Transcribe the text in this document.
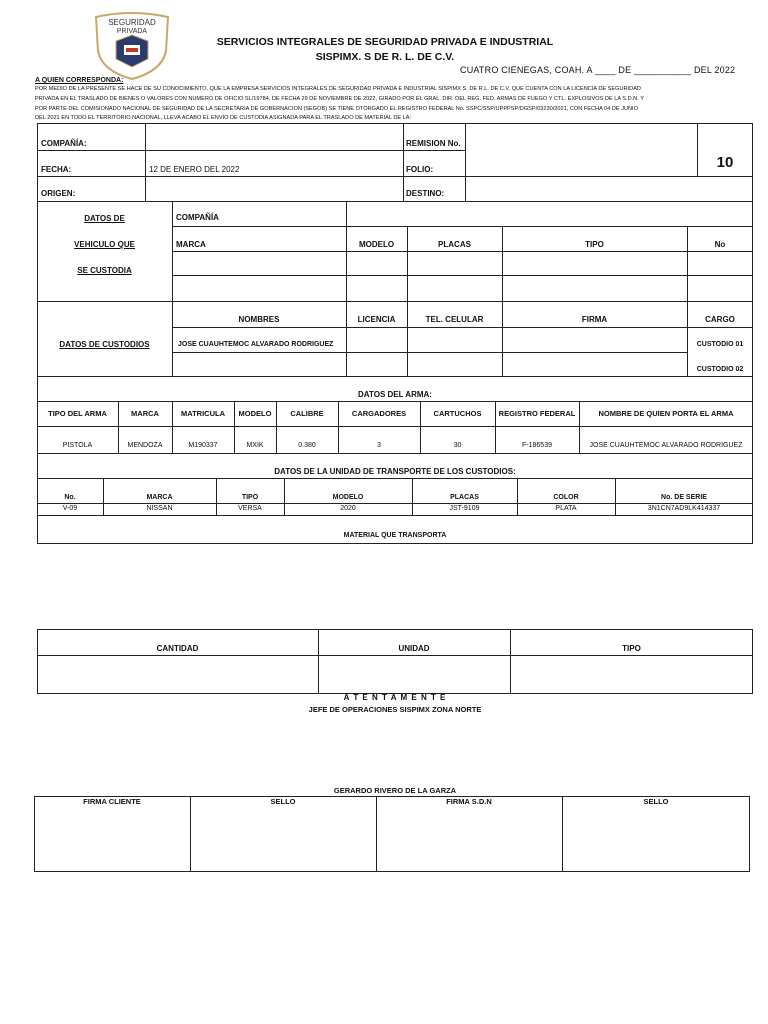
SEGURIDAD
PRIVADA
SERVICIOS INTEGRALES DE SEGURIDAD PRIVADA E INDUSTRIAL
SISPIMX. S DE R. L. DE C.V.
CUATRO CIENEGAS, COAH. A ____ DE ___________ DEL 2022
A QUIEN CORRESPONDA:
POR MEDIO DE LA PRESENTE SE HACE DE SU CONOCIMIENTO, QUE LA EMPRESA SERVICIOS INTEGRALES DE SEGURIDAD PRIVADA E INDUSTRIAL SISPIMX S. DE R.L. DE C.V. QUE CUENTA CON LA LICENCIA DE SEGURIDAD
PRIVADA EN EL TRASLADO DE BIENES O VALORES CON NUMERO DE OFICIO SL/19784, DE FECHA 29 DE NOVIEMBRE DE 2022, GIRADO POR EL GRAL. DIR. DEL REG. FED. ARMAS DE FUEGO Y CTL. EXPLOSIVOS DE LA S.D.N. Y
POR PARTE DEL COMISIONADO NACIONAL DE SEGURIDAD DE LA SECRETARIA DE GOBERNACION (SEGOB) SE TIENE OTORGADO EL REGISTRO FEDERAL No. SSPC/SSP/UPPPSP/DGSP/03230/2021, CON FECHA 04 DE JUNIO
DEL 2021 EN TODO EL TERRITORIO NACIONAL, LLEVA ACABO EL ENVIO DE CUSTODIA ASIGNADA PARA EL TRASLADO DE MATERIAL DE LA:
COMPAÑÍA:	REMISION No.
FECHA:	12 DE ENERO DEL 2022	FOLIO:	10
ORIGEN:	DESTINO:
DATOS DE
VEHICULO QUE
SE CUSTODIA
COMPAÑÍA
MARCA	MODELO	PLACAS	TIPO	No
NOMBRES	LICENCIA	TEL. CELULAR	FIRMA	CARGO
DATOS DE CUSTODIOS	JOSE CUAUHTEMOC ALVARADO RODRIGUEZ	CUSTODIO 01
CUSTODIO 02
DATOS DEL ARMA:
TIPO DEL ARMA	MARCA	MATRICULA	MODELO	CALIBRE	CARGADORES	CARTUCHOS	REGISTRO FEDERAL	NOMBRE DE QUIEN PORTA EL ARMA
PISTOLA	MENDOZA	M190337	MXIK	0.380	3	30	F-186539	JOSE CUAUHTEMOC ALVARADO RODRIGUEZ
DATOS DE LA UNIDAD DE TRANSPORTE DE LOS CUSTODIOS:
No.	MARCA	TIPO	MODELO	PLACAS	COLOR	No. DE SERIE
V-09	NISSAN	VERSA	2020	JST-9109	PLATA	3N1CN7AD9LK414337
MATERIAL QUE TRANSPORTA
CANTIDAD	UNIDAD	TIPO
A T E N T A M E N T E
JEFE DE OPERACIONES SISPIMX ZONA NORTE
GERARDO RIVERO DE LA GARZA
FIRMA CLIENTE	SELLO	FIRMA S.D.N	SELLO
